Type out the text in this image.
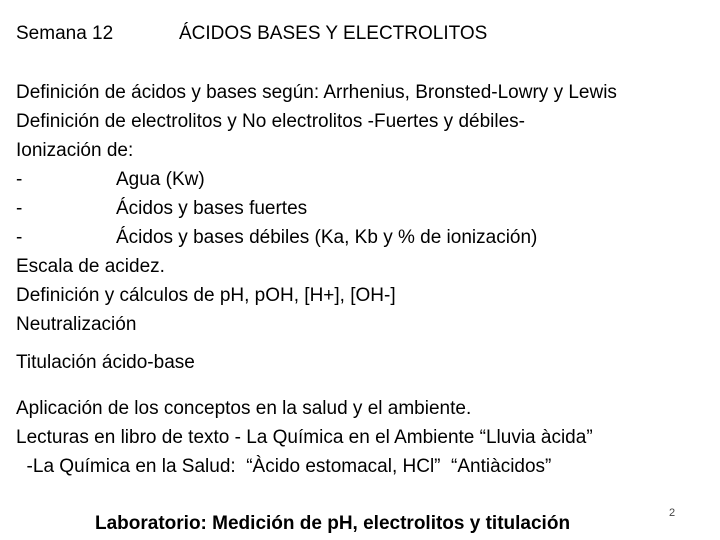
Semana 12	ÁCIDOS BASES Y ELECTROLITOS
Definición de ácidos y bases según: Arrhenius, Bronsted-Lowry y Lewis
Definición de electrolitos y No electrolitos -Fuertes y débiles-
Ionización de:
-	Agua (Kw)
-	Ácidos y bases fuertes
-	Ácidos y bases débiles (Ka, Kb y % de ionización)
Escala de acidez.
Definición y cálculos de pH, pOH, [H+], [OH-]
Neutralización
Titulación ácido-base
Aplicación de los conceptos en la salud y el ambiente.
Lecturas en libro de texto - La Química en el Ambiente “Lluvia àcida”
-La Química en la Salud:  “Àcido estomacal, HCl”  “Antiàcidos”
Laboratorio: Medición de pH, electrolitos y titulación	2
